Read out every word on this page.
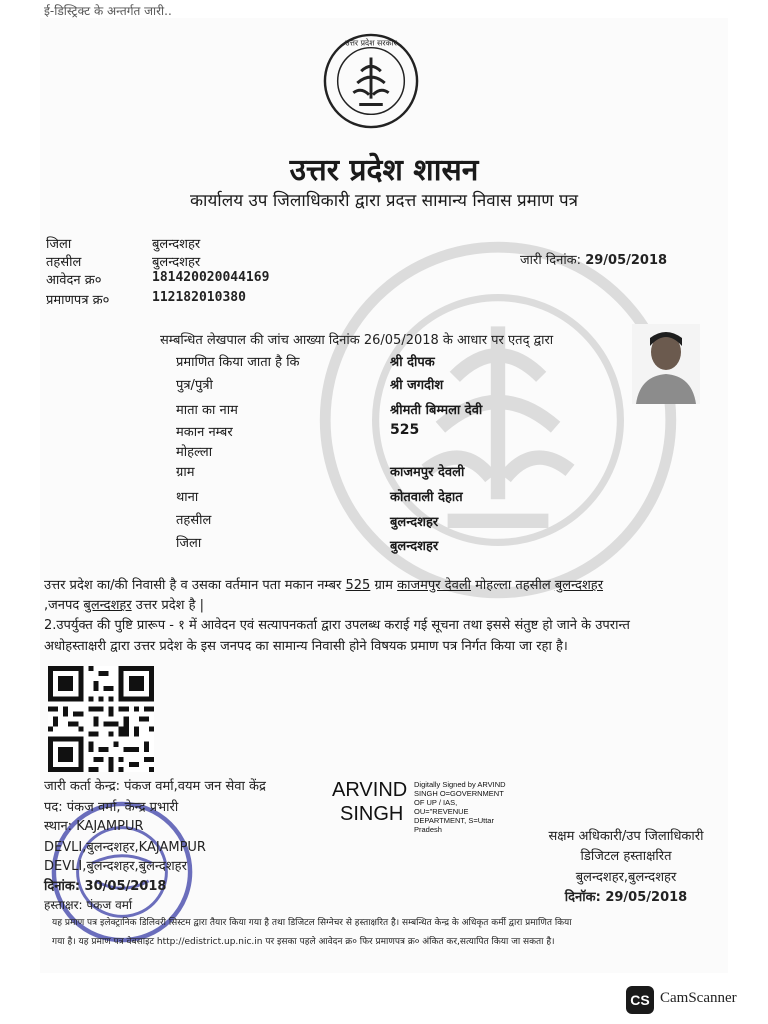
ई-डिस्ट्रिक्ट के अन्तर्गत जारी..
उत्तर प्रदेश सरकार
उत्तर प्रदेश शासन
कार्यालय उप जिलाधिकारी द्वारा प्रदत्त सामान्य निवास प्रमाण पत्र
जिला	बुलन्दशहर
तहसील	बुलन्दशहर
आवेदन क्र०	181420020044169
प्रमाणपत्र क्र०	112182010380
जारी दिनांक: 29/05/2018
सम्बन्धित लेखपाल की जांच आख्या दिनांक 26/05/2018 के आधार पर एतद् द्वारा
प्रमाणित किया जाता है कि	श्री दीपक
पुत्र/पुत्री	श्री जगदीश
माता का नाम	श्रीमती बिम्मला देवी
मकान नम्बर	525
मोहल्ला
ग्राम	काजमपुर देवली
थाना	कोतवाली देहात
तहसील	बुलन्दशहर
जिला	बुलन्दशहर
उत्तर प्रदेश का/की निवासी है व उसका वर्तमान पता मकान नम्बर 525 ग्राम काजमपुर देवली मोहल्ला तहसील बुलन्दशहर
,जनपद बुलन्दशहर उत्तर प्रदेश है |
2.उपर्युक्त की पुष्टि प्रारूप - १ में आवेदन एवं सत्यापनकर्ता द्वारा उपलब्ध कराई गई सूचना तथा इससे संतुष्ट हो जाने के उपरान्त
अधोहस्ताक्षरी द्वारा उत्तर प्रदेश के इस जनपद का सामान्य निवासी होने विषयक प्रमाण पत्र निर्गत किया जा रहा है।
जारी कर्ता केन्द्र: पंकज वर्मा,वयम जन सेवा केंद्र
पद: पंकज वर्मा, केन्द्र प्रभारी
स्थान: KAJAMPUR
DEVLI,बुलन्दशहर,KAJAMPUR
DEVLI,बुलन्दशहर,बुलन्दशहर
दिनांक: 30/05/2018
हस्ताक्षर: पंकज वर्मा
ARVIND
SINGH
Digitally Signed by ARVIND
SINGH O=GOVERNMENT
OF UP / IAS,
OU="REVENUE
DEPARTMENT, S=Uttar
Pradesh	सक्षम अधिकारी/उप जिलाधिकारी
डिजिटल हस्ताक्षरित
बुलन्दशहर,बुलन्दशहर
दिनॉक: 29/05/2018
यह प्रमाण पत्र इलेक्ट्रानिक डिलिवरी सिस्टम द्वारा तैयार किया गया है तथा डिजिटल सिग्नेचर से हस्ताक्षरित है। सम्बन्धित केन्द्र के अधिकृत कर्मी द्वारा प्रमाणित किया
गया है। यह प्रमाण पत्र वेबसाइट http://edistrict.up.nic.in पर इसका पहले आवेदन क्र० फिर प्रमाणपत्र क्र० अंकित कर,सत्यापित किया जा सकता है।
CS CamScanner
